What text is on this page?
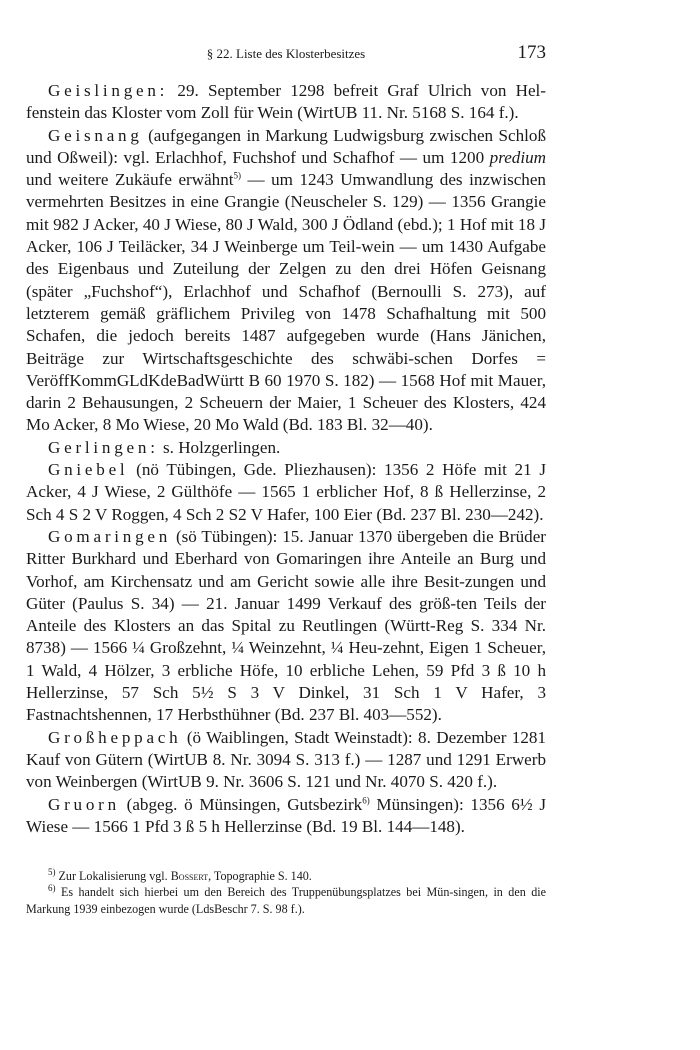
§ 22. Liste des Klosterbesitzes	173

Geislingen: 29. September 1298 befreit Graf Ulrich von Hel-fenstein das Kloster vom Zoll für Wein (WirtUB 11. Nr. 5168 S. 164 f.).

Geisnang (aufgegangen in Markung Ludwigsburg zwischen Schloß und Oßweil): vgl. Erlachhof, Fuchshof und Schafhof — um 1200 predium und weitere Zukäufe erwähnt$^{5)}$ — um 1243 Umwandlung des inzwischen vermehrten Besitzes in eine Grangie (Neuscheler S. 129) — 1356 Grangie mit 982 J Acker, 40 J Wiese, 80 J Wald, 300 J Ödland (ebd.); 1 Hof mit 18 J Acker, 106 J Teiläcker, 34 J Weinberge um Teil-wein — um 1430 Aufgabe des Eigenbaus und Zuteilung der Zelgen zu den drei Höfen Geisnang (später „Fuchshof“), Erlachhof und Schafhof (Bernoulli S. 273), auf letzterem gemäß gräflichem Privileg von 1478 Schafhaltung mit 500 Schafen, die jedoch bereits 1487 aufgegeben wurde (Hans Jänichen, Beiträge zur Wirtschaftsgeschichte des schwäbi-schen Dorfes = VeröffKommGLdKdeBadWürtt B 60 1970 S. 182) — 1568 Hof mit Mauer, darin 2 Behausungen, 2 Scheuern der Maier, 1 Scheuer des Klosters, 424 Mo Acker, 8 Mo Wiese, 20 Mo Wald (Bd. 183 Bl. 32—40).

Gerlingen: s. Holzgerlingen.

Gniebel (nö Tübingen, Gde. Pliezhausen): 1356 2 Höfe mit 21 J Acker, 4 J Wiese, 2 Gülthöfe — 1565 1 erblicher Hof, 8 ß Hellerzinse, 2 Sch 4 S 2 V Roggen, 4 Sch 2 S2 V Hafer, 100 Eier (Bd. 237 Bl. 230—242).

Gomaringen (sö Tübingen): 15. Januar 1370 übergeben die Brüder Ritter Burkhard und Eberhard von Gomaringen ihre Anteile an Burg und Vorhof, am Kirchensatz und am Gericht sowie alle ihre Besit-zungen und Güter (Paulus S. 34) — 21. Januar 1499 Verkauf des größ-ten Teils der Anteile des Klosters an das Spital zu Reutlingen (Württ-Reg S. 334 Nr. 8738) — 1566 ¼ Großzehnt, ¼ Weinzehnt, ¼ Heu-zehnt, Eigen 1 Scheuer, 1 Wald, 4 Hölzer, 3 erbliche Höfe, 10 erbliche Lehen, 59 Pfd 3 ß 10 h Hellerzinse, 57 Sch 5½ S 3 V Dinkel, 31 Sch 1 V Hafer, 3 Fastnachtshennen, 17 Herbsthühner (Bd. 237 Bl. 403—552).

Großheppach (ö Waiblingen, Stadt Weinstadt): 8. Dezember 1281 Kauf von Gütern (WirtUB 8. Nr. 3094 S. 313 f.) — 1287 und 1291 Erwerb von Weinbergen (WirtUB 9. Nr. 3606 S. 121 und Nr. 4070 S. 420 f.).

Gruorn (abgeg. ö Münsingen, Gutsbezirk$^{6)}$ Münsingen): 1356 6½ J Wiese — 1566 1 Pfd 3 ß 5 h Hellerzinse (Bd. 19 Bl. 144—148).

$^{5)}$ Zur Lokalisierung vgl. Bossert, Topographie S. 140.

$^{6)}$ Es handelt sich hierbei um den Bereich des Truppenübungsplatzes bei Mün-singen, in den die Markung 1939 einbezogen wurde (LdsBeschr 7. S. 98 f.).
